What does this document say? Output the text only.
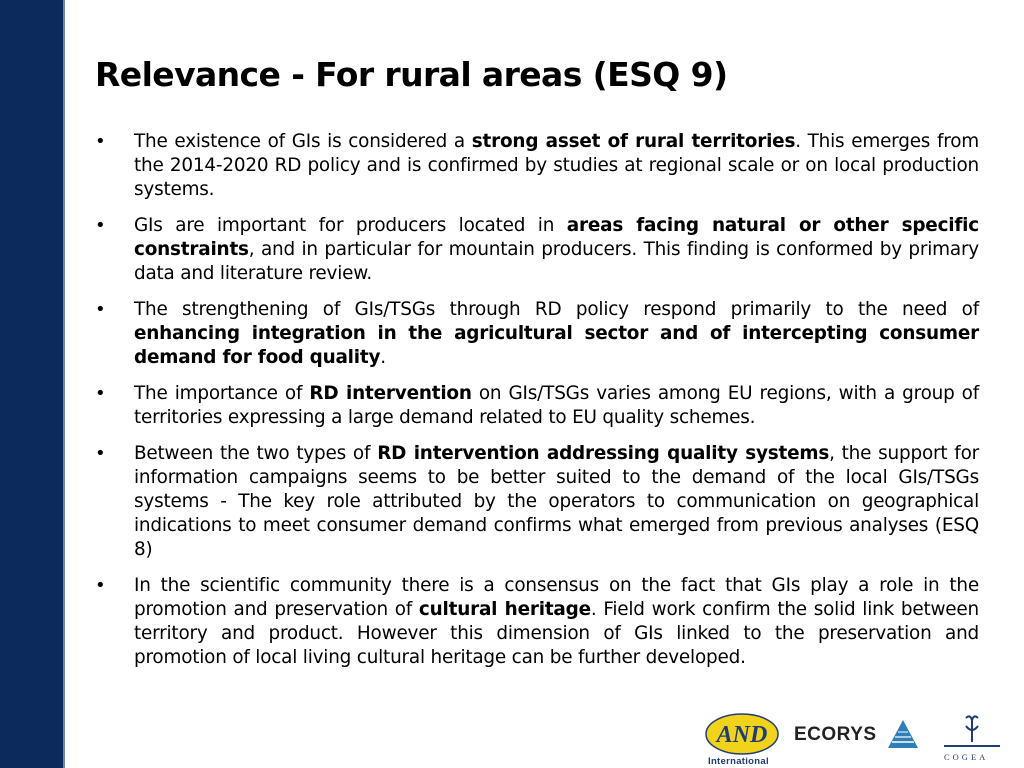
Relevance - For rural areas (ESQ 9)
• The existence of GIs is considered a strong asset of rural territories. This emerges from the 2014-2020 RD policy and is confirmed by studies at regional scale or on local production systems.
• GIs are important for producers located in areas facing natural or other specific constraints, and in particular for mountain producers. This finding is conformed by primary data and literature review.
• The strengthening of GIs/TSGs through RD policy respond primarily to the need of enhancing integration in the agricultural sector and of intercepting consumer demand for food quality.
• The importance of RD intervention on GIs/TSGs varies among EU regions, with a group of territories expressing a large demand related to EU quality schemes.
• Between the two types of RD intervention addressing quality systems, the support for information campaigns seems to be better suited to the demand of the local GIs/TSGs systems - The key role attributed by the operators to communication on geographical indications to meet consumer demand confirms what emerged from previous analyses (ESQ 8)
• In the scientific community there is a consensus on the fact that GIs play a role in the promotion and preservation of cultural heritage. Field work confirm the solid link between territory and product. However this dimension of GIs linked to the preservation and promotion of local living cultural heritage can be further developed.
AND
International
ECORYS
COGEA
